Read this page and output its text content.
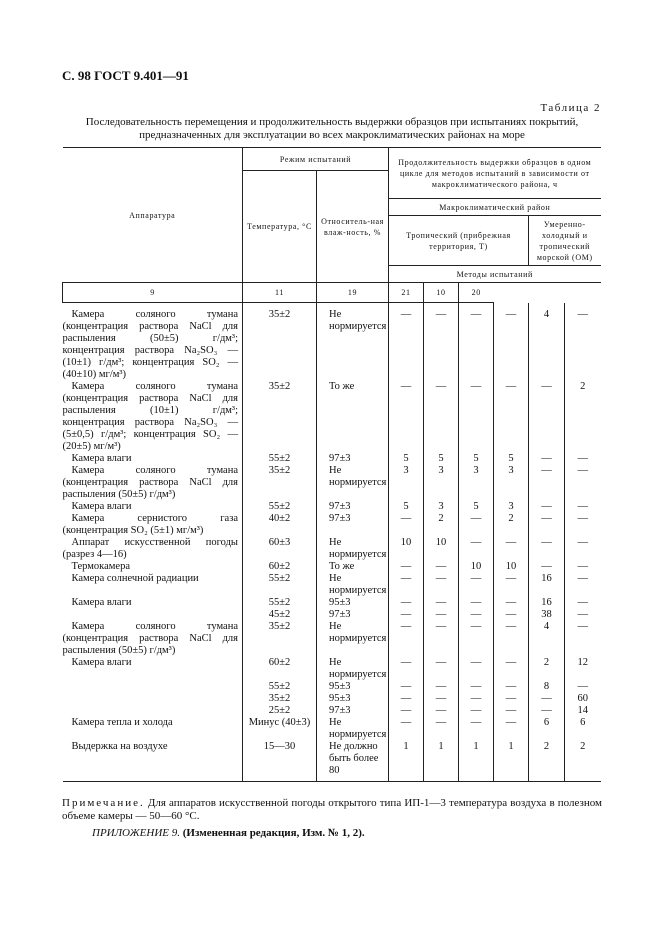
С. 98 ГОСТ 9.401—91
Таблица 2
Последовательность перемещения и продолжительность выдержки образцов при испытаниях покрытий,
предназначенных для эксплуатации во всех макроклиматических районах на море
Аппаратура	Режим испытаний		Продолжительность выдержки образцов в одном цикле для методов испытаний в зависимости от макроклиматического района, ч					
	Температура, °С	Относитель-ная влаж-ность, %						
			Макроклиматический район					
			Тропический (прибрежная территория, Т)				Умеренно-холодный и тропический морской (ОМ)	
			Методы испытаний					
9	11	19	21	10	20			
Камера соляного тумана (концентрация раствора NaCl для распыления (50±5) г/дм³; концентрация раствора Na₂SO₃ — (10±1) г/дм³; концентрация SO₂ — (40±10) мг/м³)	35±2	Не нормируется	—	—	—	—	4	—
Камера соляного тумана (концентрация раствора NaCl для распыления (10±1) г/дм³; концентрация раствора Na₂SO₃ — (5±0,5) г/дм³; концентрация SO₂ — (20±5) мг/м³)	35±2	То же	—	—	—	—	—	2
Камера влаги	55±2	97±3	5	5	5	5	—	—
Камера соляного тумана (концентрация раствора NaCl для распыления (50±5) г/дм³)	35±2	Не нормируется	3	3	3	3	—	—
Камера влаги	55±2	97±3	5	3	5	3	—	—
Камера сернистого газа (концентрация SO₂ (5±1) мг/м³)	40±2	97±3	—	2	—	2	—	—
Аппарат искусственной погоды (разрез 4—16)	60±3	Не нормируется	10	10	—	—	—	—
Термокамера	60±2	То же	—	—	10	10	—	—
Камера солнечной радиации	55±2	Не нормируется	—	—	—	—	16	—
Камера влаги	55±2	95±3	—	—	—	—	16	—
	45±2	97±3	—	—	—	—	38	—
Камера соляного тумана (концентрация раствора NaCl для распыления (50±5) г/дм³)	35±2	Не нормируется	—	—	—	—	4	—
Камера влаги	60±2	Не нормируется	—	—	—	—	2	12
	55±2	95±3	—	—	—	—	8	—
	35±2	95±3	—	—	—	—	—	60
	25±2	97±3	—	—	—	—	—	14
Камера тепла и холода	Минус (40±3)	Не нормируется	—	—	—	—	6	6
Выдержка на воздухе	15—30	Не должно быть более 80	1	1	1	1	2	2
Примечание. Для аппаратов искусственной погоды открытого типа ИП-1—3 температура воздуха в полезном объеме камеры — 50—60 °С.
ПРИЛОЖЕНИЕ 9. (Измененная редакция, Изм. № 1, 2).
